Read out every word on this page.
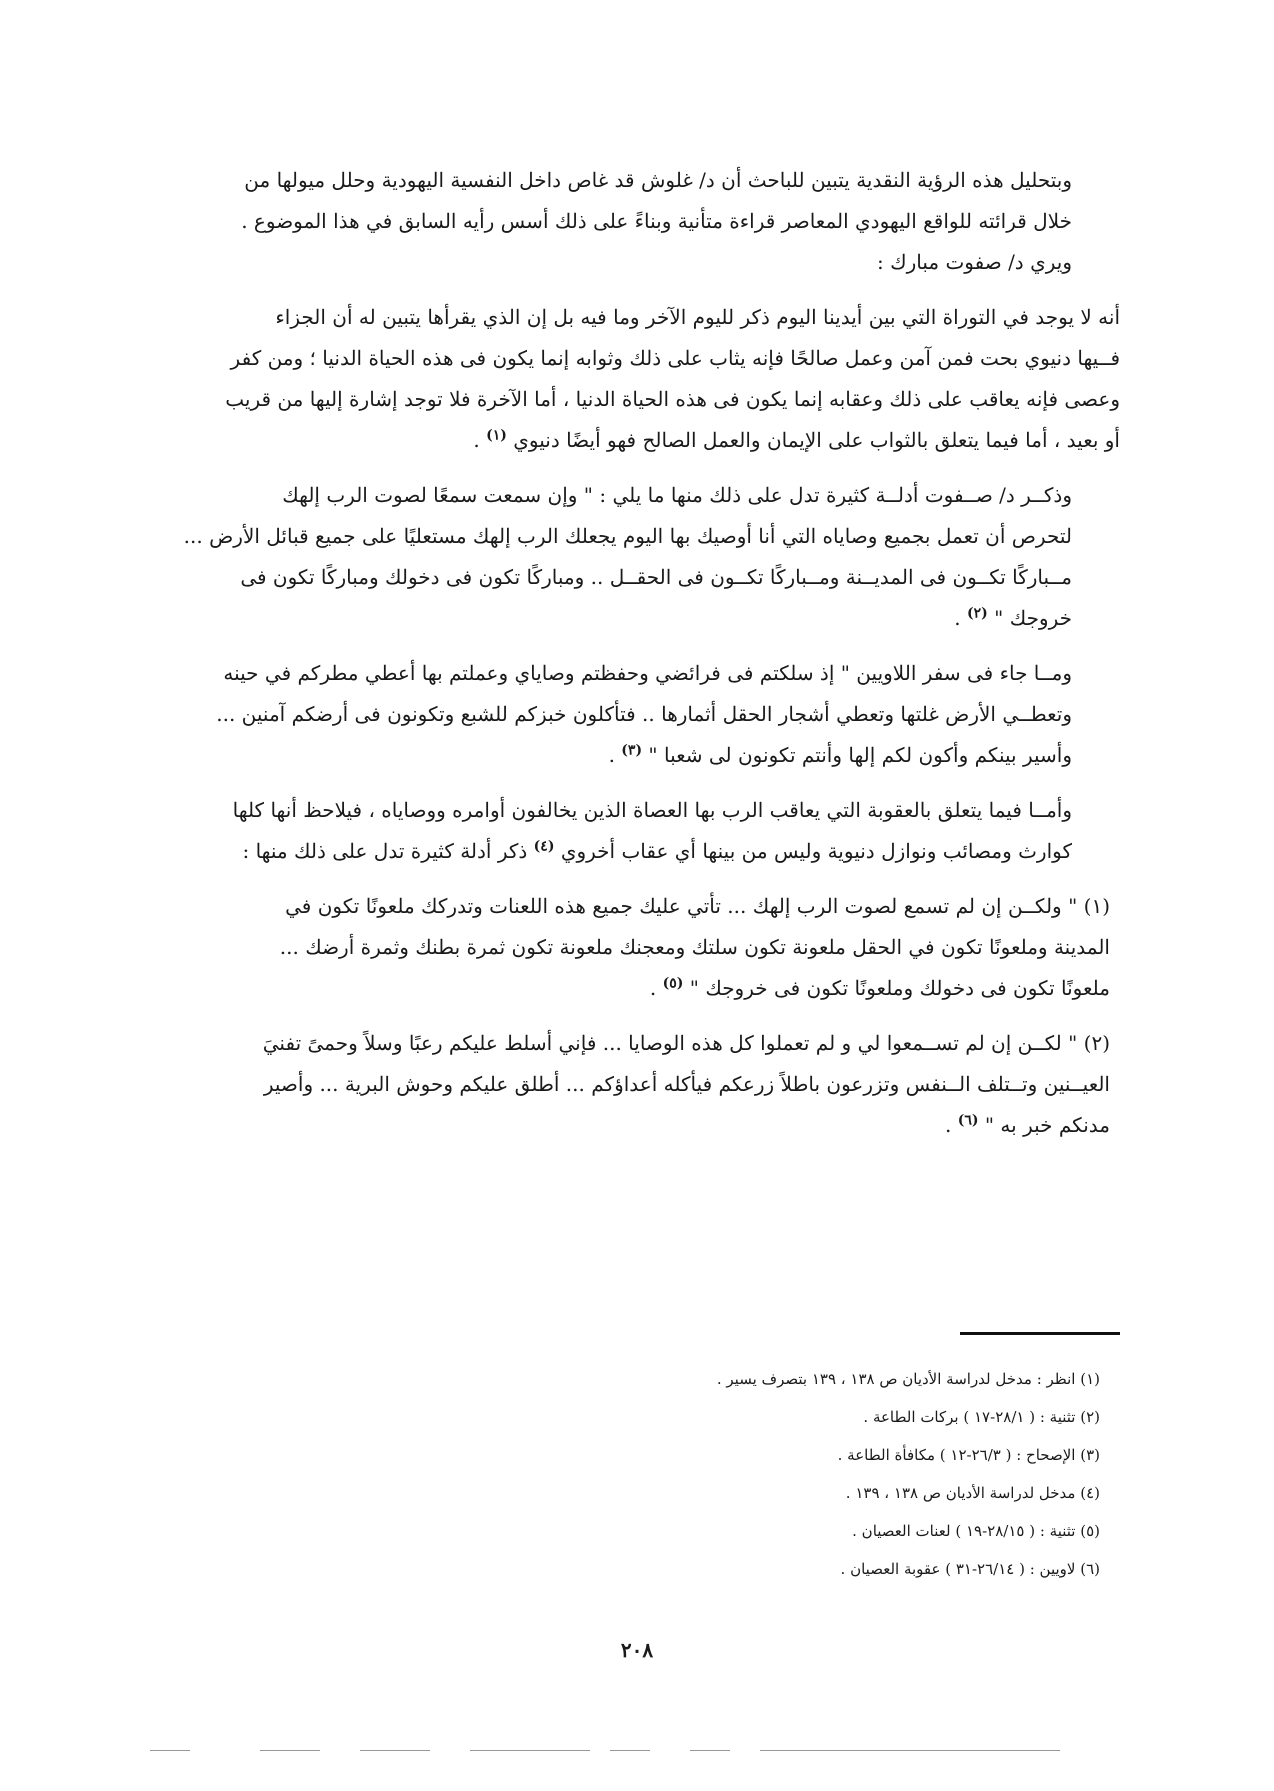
وبتحليل هذه الرؤية النقدية يتبين للباحث أن د/ غلوش قد غاص داخل النفسية اليهودية وحلل ميولها من

خلال قرائته للواقع اليهودي المعاصر قراءة متأنية وبناءً على ذلك أسس رأيه السابق في هذا الموضوع .

ويري د/ صفوت مبارك :

أنه لا يوجد في التوراة التي بين أيدينا اليوم ذكر لليوم الآخر وما فيه بل إن الذي يقرأها يتبين له أن الجزاء

فــيها دنيوي بحت فمن آمن وعمل صالحًا فإنه يثاب على ذلك وثوابه إنما يكون فى هذه الحياة الدنيا ؛ ومن كفر

وعصى فإنه يعاقب على ذلك وعقابه إنما يكون فى هذه الحياة الدنيا ، أما الآخرة فلا توجد إشارة إليها من قريب

أو بعيد ، أما فيما يتعلق بالثواب على الإيمان والعمل الصالح فهو أيضًا دنيوي $^{(١)}$ .

وذكــر د/ صــفوت أدلــة كثيرة تدل على ذلك منها ما يلي : " وإن سمعت سمعًا لصوت الرب إلهك

لتحرص أن تعمل بجميع وصاياه التي أنا أوصيك بها اليوم يجعلك الرب إلهك مستعليًا على جميع قبائل الأرض ...

مــباركًا تكــون فى المديــنة ومــباركًا تكــون فى الحقــل .. ومباركًا تكون فى دخولك ومباركًا تكون فى

خروجك " $^{(٢)}$ .

ومــا جاء فى سفر اللاويين " إذ سلكتم فى فرائضي وحفظتم وصاياي وعملتم بها أعطي مطركم في حينه

وتعطــي الأرض غلتها وتعطي أشجار الحقل أثمارها .. فتأكلون خبزكم للشبع وتكونون فى أرضكم آمنين ...

وأسير بينكم وأكون لكم إلها وأنتم تكونون لى شعبا " $^{(٣)}$ .

وأمــا فيما يتعلق بالعقوبة التي يعاقب الرب بها العصاة الذين يخالفون أوامره ووصاياه ، فيلاحظ أنها كلها

كوارث ومصائب ونوازل دنيوية وليس من بينها أي عقاب أخروي $^{(٤)}$ ذكر أدلة كثيرة تدل على ذلك منها :

(١) " ولكــن إن لم تسمع لصوت الرب إلهك ... تأتي عليك جميع هذه اللعنات وتدركك ملعونًا تكون في

المدينة وملعونًا تكون في الحقل ملعونة تكون سلتك ومعجنك ملعونة تكون ثمرة بطنك وثمرة أرضك ...

ملعونًا تكون فى دخولك وملعونًا تكون فى خروجك " $^{(٥)}$ .

(٢) " لكــن إن لم تســمعوا لي و لم تعملوا كل هذه الوصايا ... فإني أسلط عليكم رعبًا وسلاً وحمىً تفنيَ

العيــنين وتــتلف الــنفس وتزرعون باطلاً زرعكم فيأكله أعداؤكم ... أطلق عليكم وحوش البرية ... وأصير

مدنكم خبر به " $^{(٦)}$ .

(١) انظر : مدخل لدراسة الأديان ص ١٣٨ ، ١٣٩ بتصرف يسير .

(٢) تثنية : ( ٢٨/١-١٧ ) بركات الطاعة .

(٣) الإصحاح : ( ٢٦/٣-١٢ ) مكافأة الطاعة .

(٤) مدخل لدراسة الأديان ص ١٣٨ ، ١٣٩ .

(٥) تثنية : ( ٢٨/١٥-١٩ ) لعنات العصيان .

(٦) لاويين : ( ٢٦/١٤-٣١ ) عقوبة العصيان .

٢٠٨
